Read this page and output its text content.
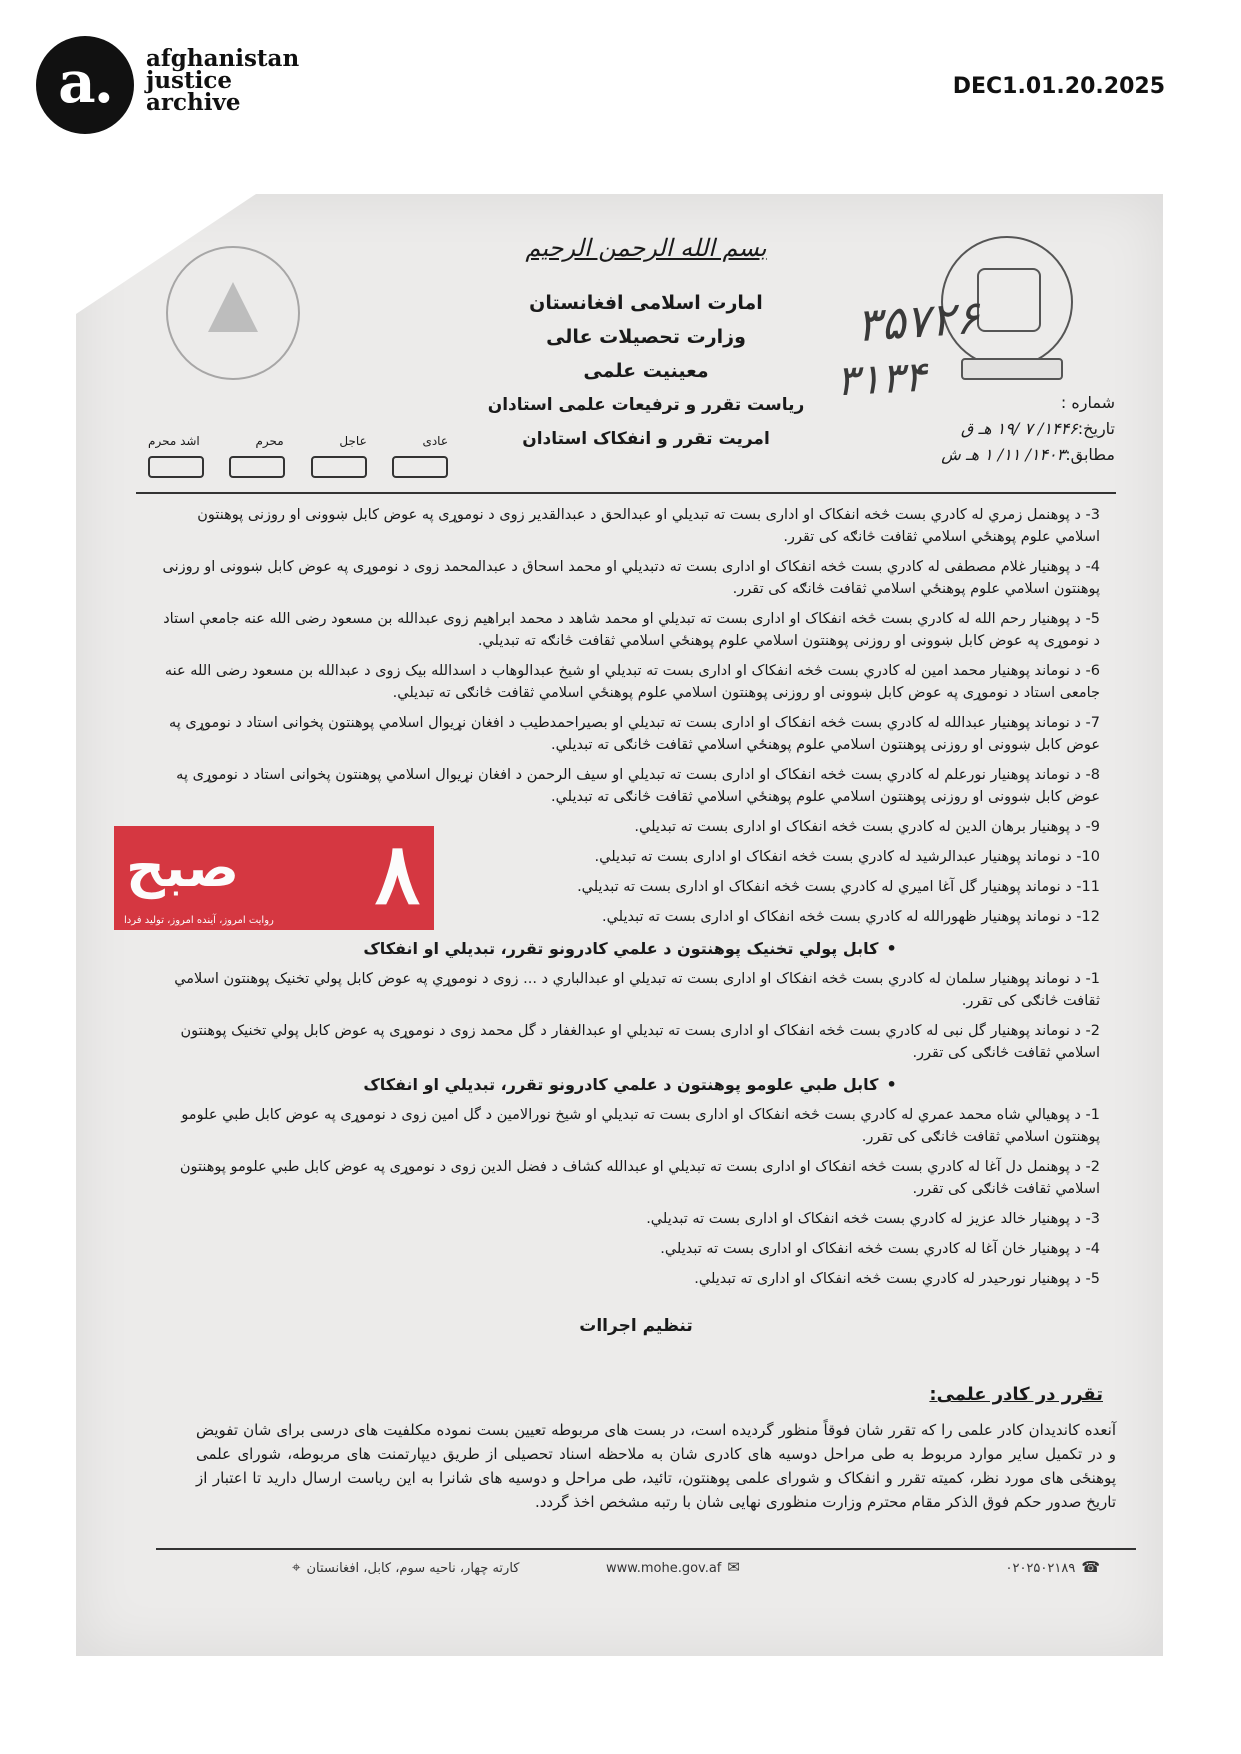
a.	afghanistan
justice
archive
DEC1.01.20.2025
بسم الله الرحمن الرحیم
امارت اسلامی افغانستان
وزارت تحصیلات عالی
معینیت علمی
ریاست تقرر و ترفیعات علمی استادان
امریت تقرر و انفکاک استادان
۳۵۷۲۶
۳۱۳۴	شماره :
تاریخ:۱۴۴۶/ ۷ /۱۹ هـ ق
مطابق:۱۴۰۳/ ۱۱/ ۱ هـ ش
عادی
عاجل
محرم
اشد محرم

3- د پوهنمل زمري له کادري بست څخه انفکاک او اداری بست ته تبدیلي او عبدالحق د عبدالقدیر زوی د نوموړی په عوض کابل ښوونی او روزنی پوهنتون اسلامي علوم پوهنځي اسلامي ثقافت څانګه کی تقرر.

4- د پوهنیار غلام مصطفی له کادري بست څخه انفکاک او اداری بست ته دتبدیلي او محمد اسحاق د عبدالمحمد زوی د نوموړی په عوض کابل ښوونی او روزنی پوهنتون اسلامي علوم پوهنځي اسلامي ثقافت څانګه کی تقرر.

5- د پوهنیار رحم الله له کادري بست څخه انفکاک او اداری بست ته تبدیلي او محمد شاهد د محمد ابراهیم زوی عبدالله بن مسعود رضی الله عنه جامعې استاد د نوموړی په عوض کابل ښوونی او روزنی پوهنتون اسلامي علوم پوهنځي اسلامي ثقافت څانګه ته تبدیلي.

6- د نوماند پوهنیار محمد امین له کادري بست څخه انفکاک او اداری بست ته تبدیلي او شیخ عبدالوهاب د اسدالله بیک زوی د عبدالله بن مسعود رضی الله عنه جامعی استاد د نوموړی په عوض کابل ښوونی او روزنی پوهنتون اسلامي علوم پوهنځي اسلامي ثقافت څانګی ته تبدیلي.

7- د نوماند پوهنیار عبدالله له کادري بست څخه انفکاک او اداری بست ته تبدیلي او بصیراحمدطیب د افغان نړیوال اسلامي پوهنتون پخوانی استاد د نوموړی په عوض کابل ښوونی او روزنی پوهنتون اسلامي علوم پوهنځي اسلامي ثقافت څانګی ته تبدیلي.

8- د نوماند پوهنیار نورعلم له کادري بست څخه انفکاک او اداری بست ته تبدیلي او سیف الرحمن د افغان نړیوال اسلامي پوهنتون پخوانی استاد د نوموړی په عوض کابل ښوونی او روزنی پوهنتون اسلامي علوم پوهنځي اسلامي ثقافت څانګی ته تبدیلي.

9- د پوهنیار برهان الدین له کادري بست څخه انفکاک او اداری بست ته تبدیلي.

10- د نوماند پوهنیار عبدالرشید له کادري بست څخه انفکاک او اداری بست ته تبدیلي.

11- د نوماند پوهنیار گل آغا امیري له کادري بست څخه انفکاک او اداری بست ته تبدیلي.

12- د نوماند پوهنیار ظهورالله له کادري بست څخه انفکاک او اداری بست ته تبدیلي.

•کابل پولي تخنیک پوهنتون د علمي کادرونو تقرر، تبدیلي او انفکاک

1- د نوماند پوهنیار سلمان له کادري بست څخه انفکاک او اداری بست ته تبدیلي او عبدالباري د ... زوی د نوموړي په عوض کابل پولي تخنیک پوهنتون اسلامي ثقافت څانګی کی تقرر.

2- د نوماند پوهنیار گل نبی له کادري بست څخه انفکاک او اداری بست ته تبدیلي او عبدالغفار د گل محمد زوی د نوموړی په عوض کابل پولي تخنیک پوهنتون اسلامي ثقافت څانګی کی تقرر.

•کابل طبي علومو پوهنتون د علمي کادرونو تقرر، تبدیلي او انفکاک

1- د پوهیالي شاه محمد عمري له کادري بست څخه انفکاک او اداری بست ته تبدیلي او شیخ نورالامین د گل امین زوی د نوموړی په عوض کابل طبي علومو پوهنتون اسلامي ثقافت څانګی کی تقرر.

2- د پوهنمل دل آغا له کادري بست څخه انفکاک او اداری بست ته تبدیلي او عبدالله کشاف د فضل الدین زوی د نوموړی په عوض کابل طبي علومو پوهنتون اسلامي ثقافت څانګی کی تقرر.

3- د پوهنیار خالد عزیز له کادري بست څخه انفکاک او اداری بست ته تبدیلي.

4- د پوهنیار خان آغا له کادري بست څخه انفکاک او اداری بست ته تبدیلي.

5- د پوهنیار نورحیدر له کادري بست څخه انفکاک او اداری ته تبدیلي.

تنظیم اجراات
تقرر در کادر علمی:
آنعده کاندیدان کادر علمی را که تقرر شان فوقاً منظور گردیده است، در بست های مربوطه تعیین بست نموده مکلفیت های درسی برای شان تفویض و در تکمیل سایر موارد مربوط به طی مراحل دوسیه های کادری شان به ملاحظه اسناد تحصیلی از طریق دیپارتمنت های مربوطه، شورای علمی پوهنځی های مورد نظر، کمیته تقرر و انفکاک و شورای علمی پوهنتون، تائید، طی مراحل و دوسیه های شانرا به این ریاست ارسال دارید تا اعتبار از تاریخ صدور حکم فوق الذکر مقام محترم وزارت منظوری نهایی شان با رتبه مشخص اخذ گردد.
۰۲۰۲۵۰۲۱۸۹ ☎
www.mohe.gov.af ✉
کارته چهار، ناحیه سوم، کابل، افغانستان⌖
۸
صبح
روایت امروز، آینده امروز، تولید فردا
